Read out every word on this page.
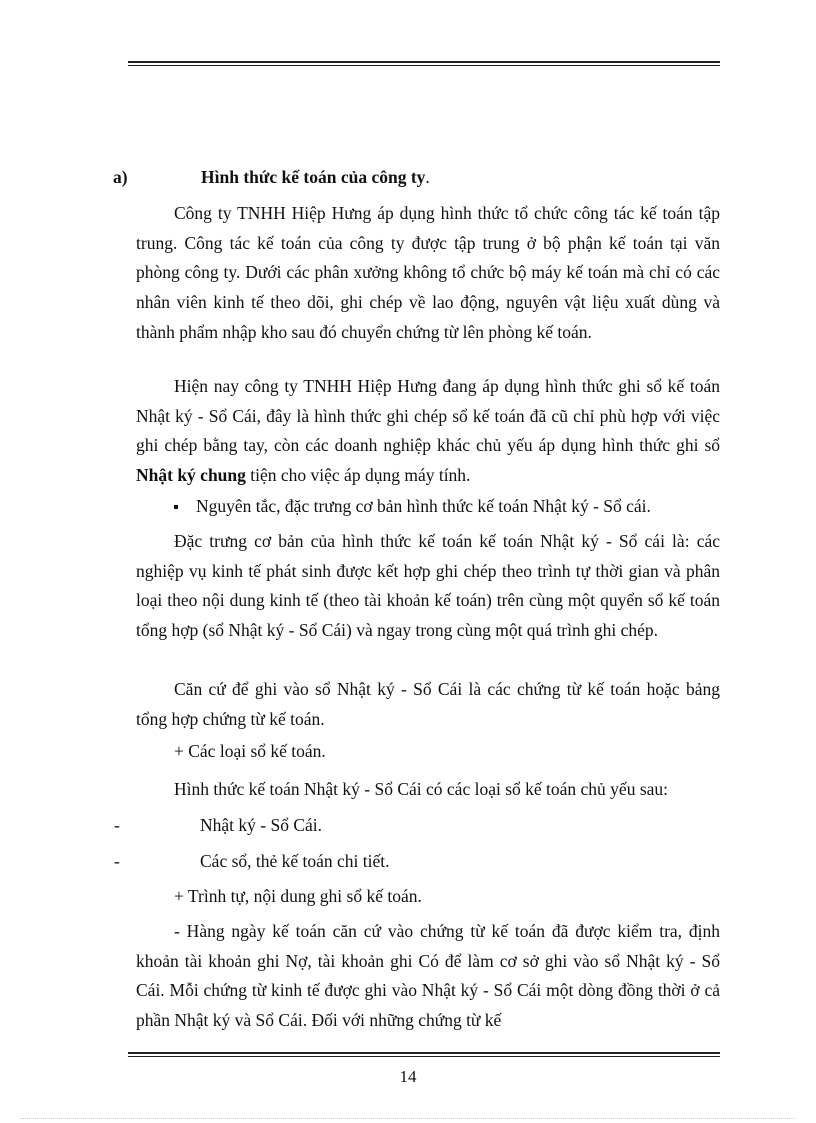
a)	Hình thức kế toán của công ty.

Công ty TNHH Hiệp Hưng áp dụng hình thức tổ chức công tác kế toán tập trung. Công tác kế toán của công ty được tập trung ở bộ phận kế toán tại văn phòng công ty. Dưới các phân xưởng không tổ chức bộ máy kế toán mà chỉ có các nhân viên kinh tế theo dõi, ghi chép về lao động, nguyên vật liệu xuất dùng và thành phẩm nhập kho sau đó chuyển chứng từ lên phòng kế toán.

Hiện nay công ty TNHH Hiệp Hưng đang áp dụng hình thức ghi sổ kế toán Nhật ký - Sổ Cái, đây là hình thức ghi chép sổ kế toán đã cũ chỉ phù hợp với việc ghi chép bằng tay, còn các doanh nghiệp khác chủ yếu áp dụng hình thức ghi sổ Nhật ký chung tiện cho việc áp dụng máy tính.

Nguyên tắc, đặc trưng cơ bản hình thức kế toán Nhật ký - Sổ cái.

Đặc trưng cơ bản của hình thức kế toán kế toán Nhật ký - Sổ cái là: các nghiệp vụ kinh tế phát sinh được kết hợp ghi chép theo trình tự thời gian và phân loại theo nội dung kinh tế (theo tài khoản kế toán) trên cùng một quyển sổ kế toán tổng hợp (sổ Nhật ký - Sổ Cái) và ngay trong cùng một quá trình ghi chép.

Căn cứ để ghi vào sổ Nhật ký - Sổ Cái là các chứng từ kế toán hoặc bảng tổng hợp chứng từ kế toán.

+ Các loại sổ kế toán.

Hình thức kế toán Nhật ký - Sổ Cái có các loại sổ kế toán chủ yếu sau:

-	Nhật ký - Sổ Cái.
-	Các sổ, thẻ kế toán chi tiết.

+ Trình tự, nội dung ghi sổ kế toán.

- Hàng ngày kế toán căn cứ vào chứng từ kế toán đã được kiểm tra, định khoản tài khoản ghi Nợ, tài khoản ghi Có để làm cơ sở ghi vào sổ Nhật ký - Sổ Cái. Mỗi chứng từ kinh tế được ghi vào Nhật ký - Sổ Cái một dòng đồng thời ở cả phần Nhật ký và Sổ Cái. Đối với những chứng từ kế

14
